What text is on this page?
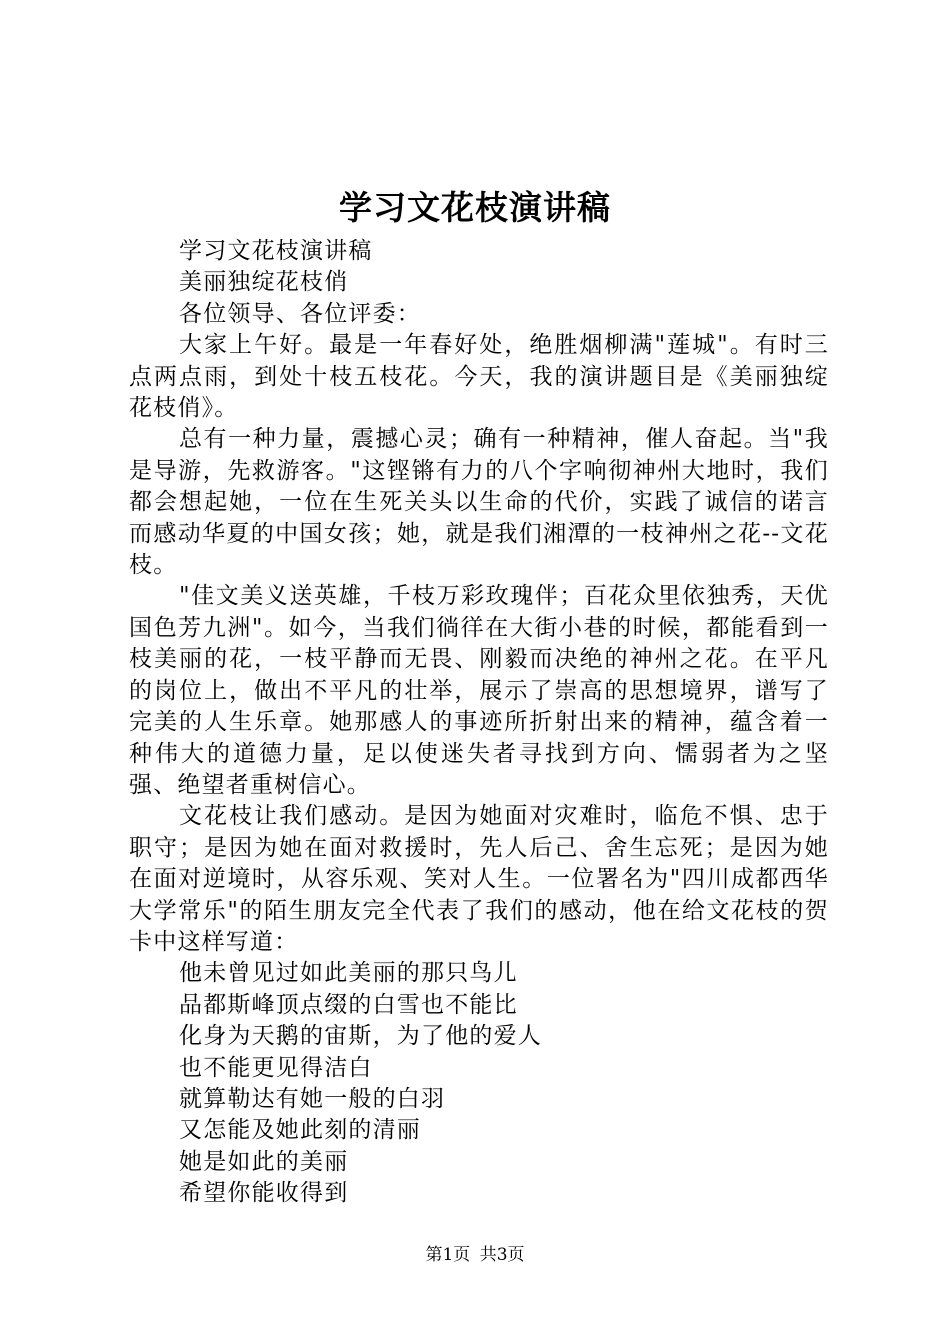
学习文花枝演讲稿

学习文花枝演讲稿

美丽独绽花枝俏

各位领导、各位评委：

大家上午好。最是一年春好处，绝胜烟柳满"莲城"。有时三点两点雨，到处十枝五枝花。今天，我的演讲题目是《美丽独绽花枝俏》。

总有一种力量，震撼心灵；确有一种精神，催人奋起。当"我是导游，先救游客。"这铿锵有力的八个字响彻神州大地时，我们都会想起她，一位在生死关头以生命的代价，实践了诚信的诺言而感动华夏的中国女孩；她，就是我们湘潭的一枝神州之花--文花枝。

"佳文美义送英雄，千枝万彩玫瑰伴；百花众里依独秀，天优国色芳九洲"。如今，当我们徜徉在大街小巷的时候，都能看到一枝美丽的花，一枝平静而无畏、刚毅而决绝的神州之花。在平凡的岗位上，做出不平凡的壮举，展示了崇高的思想境界，谱写了完美的人生乐章。她那感人的事迹所折射出来的精神，蕴含着一种伟大的道德力量，足以使迷失者寻找到方向、懦弱者为之坚强、绝望者重树信心。

文花枝让我们感动。是因为她面对灾难时，临危不惧、忠于职守；是因为她在面对救援时，先人后己、舍生忘死；是因为她在面对逆境时，从容乐观、笑对人生。一位署名为"四川成都西华大学常乐"的陌生朋友完全代表了我们的感动，他在给文花枝的贺卡中这样写道：

他未曾见过如此美丽的那只鸟儿

品都斯峰顶点缀的白雪也不能比

化身为天鹅的宙斯，为了他的爱人

也不能更见得洁白

就算勒达有她一般的白羽

又怎能及她此刻的清丽

她是如此的美丽

希望你能收得到

第1页 共3页
